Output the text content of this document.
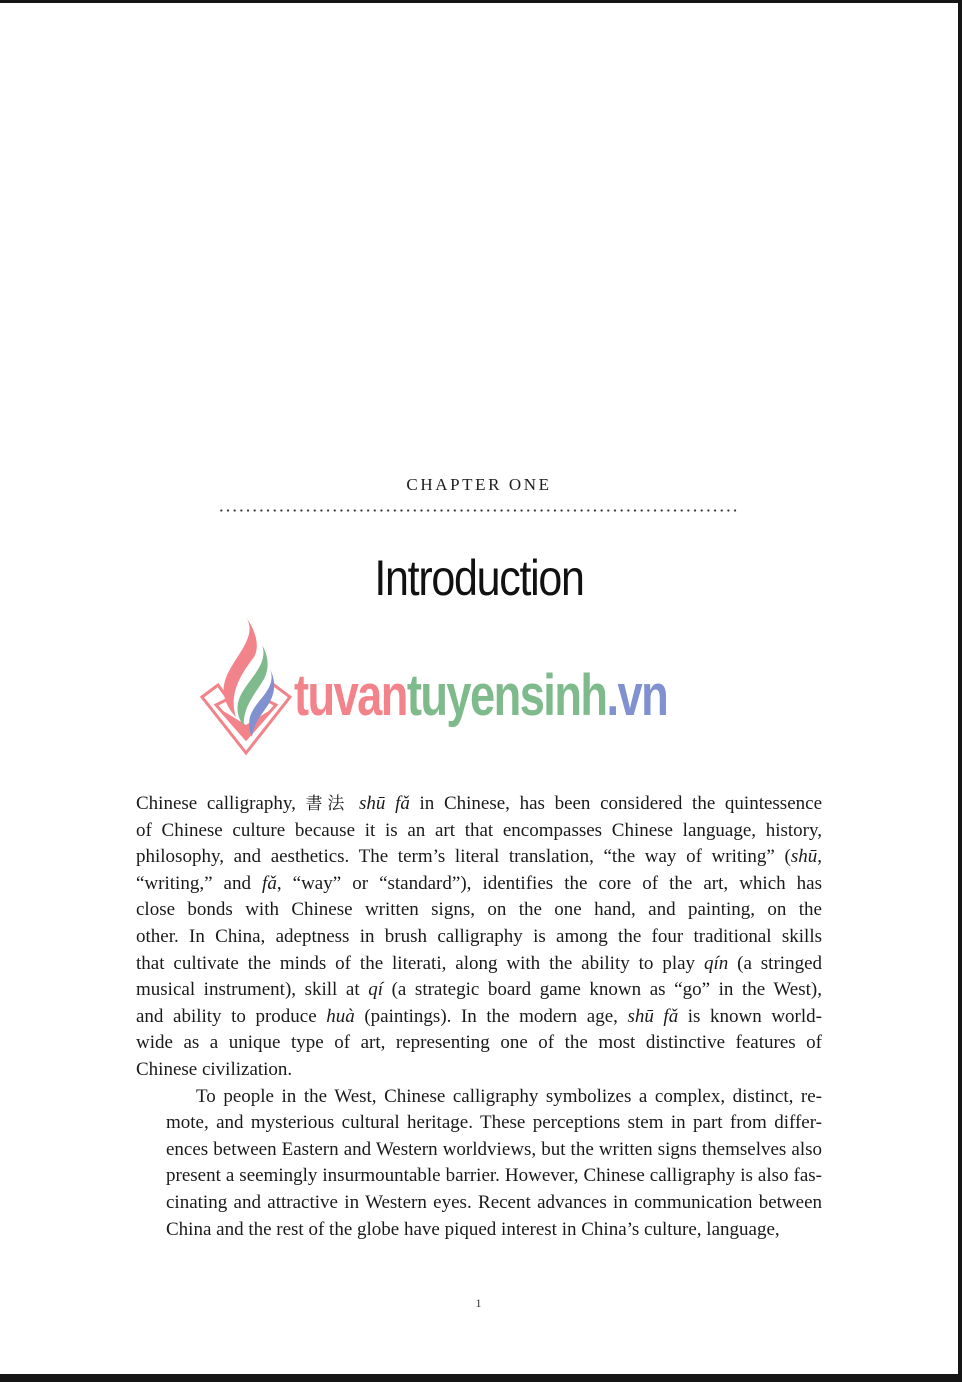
CHAPTER ONE
Introduction
tuvantuyensinh.vn
Chinese calligraphy, 書法 shū fǎ in Chinese, has been considered the quintessence
of Chinese culture because it is an art that encompasses Chinese language, history,
philosophy, and aesthetics. The term’s literal translation, “the way of writing” (shū,
“writing,” and fǎ, “way” or “standard”), identifies the core of the art, which has
close bonds with Chinese written signs, on the one hand, and painting, on the
other. In China, adeptness in brush calligraphy is among the four traditional skills
that cultivate the minds of the literati, along with the ability to play qín (a stringed
musical instrument), skill at qí (a strategic board game known as “go” in the West),
and ability to produce huà (paintings). In the modern age, shū fǎ is known world-
wide as a unique type of art, representing one of the most distinctive features of
Chinese civilization.
To people in the West, Chinese calligraphy symbolizes a complex, distinct, re-
mote, and mysterious cultural heritage. These perceptions stem in part from differ-
ences between Eastern and Western worldviews, but the written signs themselves also
present a seemingly insurmountable barrier. However, Chinese calligraphy is also fas-
cinating and attractive in Western eyes. Recent advances in communication between
China and the rest of the globe have piqued interest in China’s culture, language,
1
